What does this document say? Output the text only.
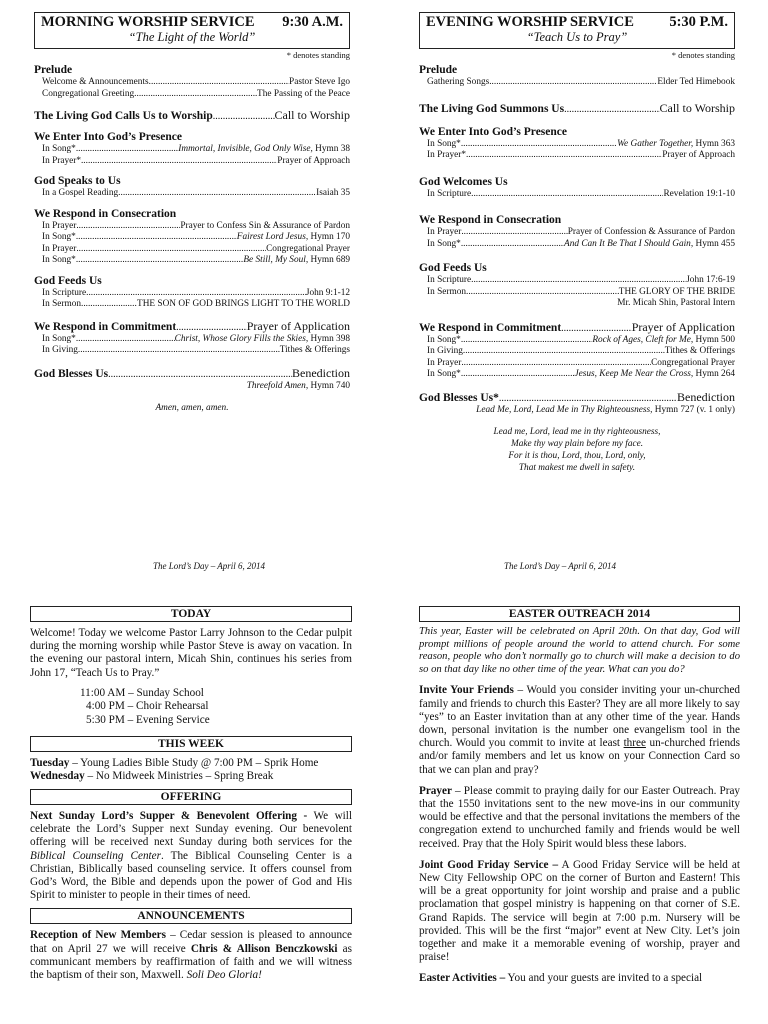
MORNING WORSHIP SERVICE 9:30 A.M.
“The Light of the World”
* denotes standing
Prelude
Welcome & Announcements .....	Pastor Steve Igo
Congregational Greeting .....	The Passing of the Peace
The Living God Calls Us to Worship .....	Call to Worship
We Enter Into God’s Presence
In Song* .....	Immortal, Invisible, God Only Wise, Hymn 38
In Prayer* .....	Prayer of Approach
God Speaks to Us
In a Gospel Reading .....	Isaiah 35
We Respond in Consecration
In Prayer .....	Prayer to Confess Sin & Assurance of Pardon
In Song* .....	Fairest Lord Jesus, Hymn 170
In Prayer .....	Congregational Prayer
In Song* .....	Be Still, My Soul, Hymn 689
God Feeds Us
In Scripture .....	John 9:1-12
In Sermon .....	THE SON OF GOD BRINGS LIGHT TO THE WORLD
We Respond in Commitment .....	Prayer of Application
In Song* .....	Christ, Whose Glory Fills the Skies, Hymn 398
In Giving .....	Tithes & Offerings
God Blesses Us .....	Benediction
Threefold Amen, Hymn 740
Amen, amen, amen.
The Lord’s Day – April 6, 2014
EVENING WORSHIP SERVICE 5:30 P.M.
“Teach Us to Pray”
* denotes standing
Prelude
Gathering Songs .....	Elder Ted Himebook
The Living God Summons Us .....	Call to Worship
We Enter Into God’s Presence
In Song* .....	We Gather Together, Hymn 363
In Prayer* .....	Prayer of Approach
God Welcomes Us
In Scripture .....	Revelation 19:1-10
We Respond in Consecration
In Prayer .....	Prayer of Confession & Assurance of Pardon
In Song* .....	And Can It Be That I Should Gain, Hymn 455
God Feeds Us
In Scripture .....	John 17:6-19
In Sermon .....	THE GLORY OF THE BRIDE
Mr. Micah Shin, Pastoral Intern
We Respond in Commitment .....	Prayer of Application
In Song* .....	Rock of Ages, Cleft for Me, Hymn 500
In Giving .....	Tithes & Offerings
In Prayer .....	Congregational Prayer
In Song* .....	Jesus, Keep Me Near the Cross, Hymn 264
God Blesses Us* .....	Benediction
Lead Me, Lord, Lead Me in Thy Righteousness, Hymn 727 (v. 1 only)
Lead me, Lord, lead me in thy righteousness,
Make thy way plain before my face.
For it is thou, Lord, thou, Lord, only,
That makest me dwell in safety.
The Lord’s Day – April 6, 2014
TODAY
Welcome! Today we welcome Pastor Larry Johnson to the Cedar pulpit during the morning worship while Pastor Steve is away on vacation. In the evening our pastoral intern, Micah Shin, continues his series from John 17, “Teach Us to Pray.”
11:00 AM – Sunday School
4:00 PM – Choir Rehearsal
5:30 PM – Evening Service
THIS WEEK
Tuesday – Young Ladies Bible Study @ 7:00 PM – Sprik Home
Wednesday – No Midweek Ministries – Spring Break
OFFERING
Next Sunday Lord’s Supper & Benevolent Offering - We will celebrate the Lord’s Supper next Sunday evening. Our benevolent offering will be received next Sunday during both services for the Biblical Counseling Center. The Biblical Counseling Center is a Christian, Biblically based counseling service. It offers counsel from God’s Word, the Bible and depends upon the power of God and His Spirit to minister to people in their times of need.
ANNOUNCEMENTS
Reception of New Members – Cedar session is pleased to announce that on April 27 we will receive Chris & Allison Benczkowski as communicant members by reaffirmation of faith and we will witness the baptism of their son, Maxwell. Soli Deo Gloria!
EASTER OUTREACH 2014
This year, Easter will be celebrated on April 20th. On that day, God will prompt millions of people around the world to attend church. For some reason, people who don’t normally go to church will make a decision to do so on that day like no other time of the year. What can you do?
Invite Your Friends – Would you consider inviting your un-churched family and friends to church this Easter? They are all more likely to say “yes” to an Easter invitation than at any other time of the year. Hands down, personal invitation is the number one evangelism tool in the church. Would you commit to invite at least three un-churched friends and/or family members and let us know on your Connection Card so that we can plan and pray?
Prayer – Please commit to praying daily for our Easter Outreach. Pray that the 1550 invitations sent to the new move-ins in our community would be effective and that the personal invitations the members of the congregation extend to unchurched family and friends would be well received. Pray that the Holy Spirit would bless these labors.
Joint Good Friday Service – A Good Friday Service will be held at New City Fellowship OPC on the corner of Burton and Eastern! This will be a great opportunity for joint worship and praise and a public proclamation that gospel ministry is happening on that corner of S.E. Grand Rapids. The service will begin at 7:00 p.m. Nursery will be provided. This will be the first “major” event at New City. Let’s join together and make it a memorable evening of worship, prayer and praise!
Easter Activities – You and your guests are invited to a special
